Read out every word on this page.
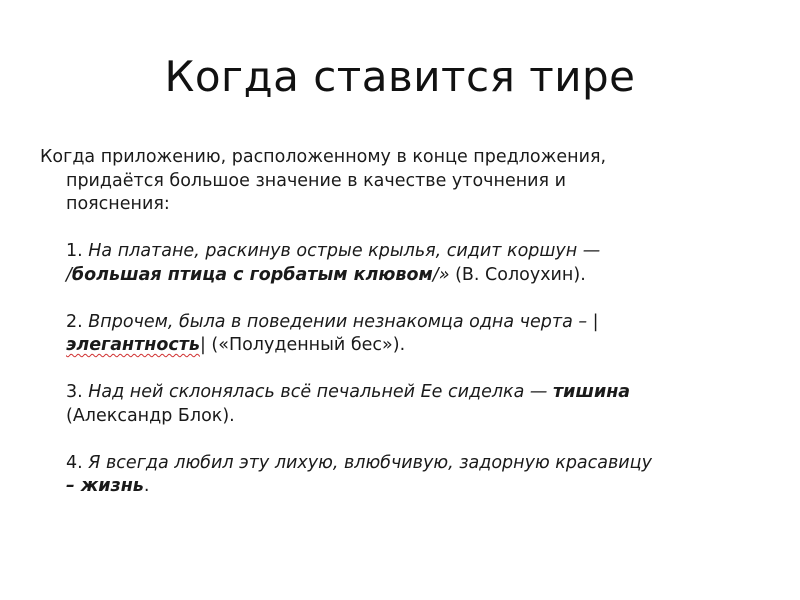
Когда ставится тире
Когда приложению, расположенному в конце предложения,
придаётся большое значение в качестве уточнения и
пояснения:
1. На платане, раскинув острые крылья, сидит коршун —
/большая птица с горбатым клювом/» (В. Солоухин).
2. Впрочем, была в поведении незнакомца одна черта – |
элегантность| («Полуденный бес»).
3. Над ней склонялась всё печальней Ее сиделка — тишина
(Александр Блок).
4. Я всегда любил эту лихую, влюбчивую, задорную красавицу
– жизнь.
